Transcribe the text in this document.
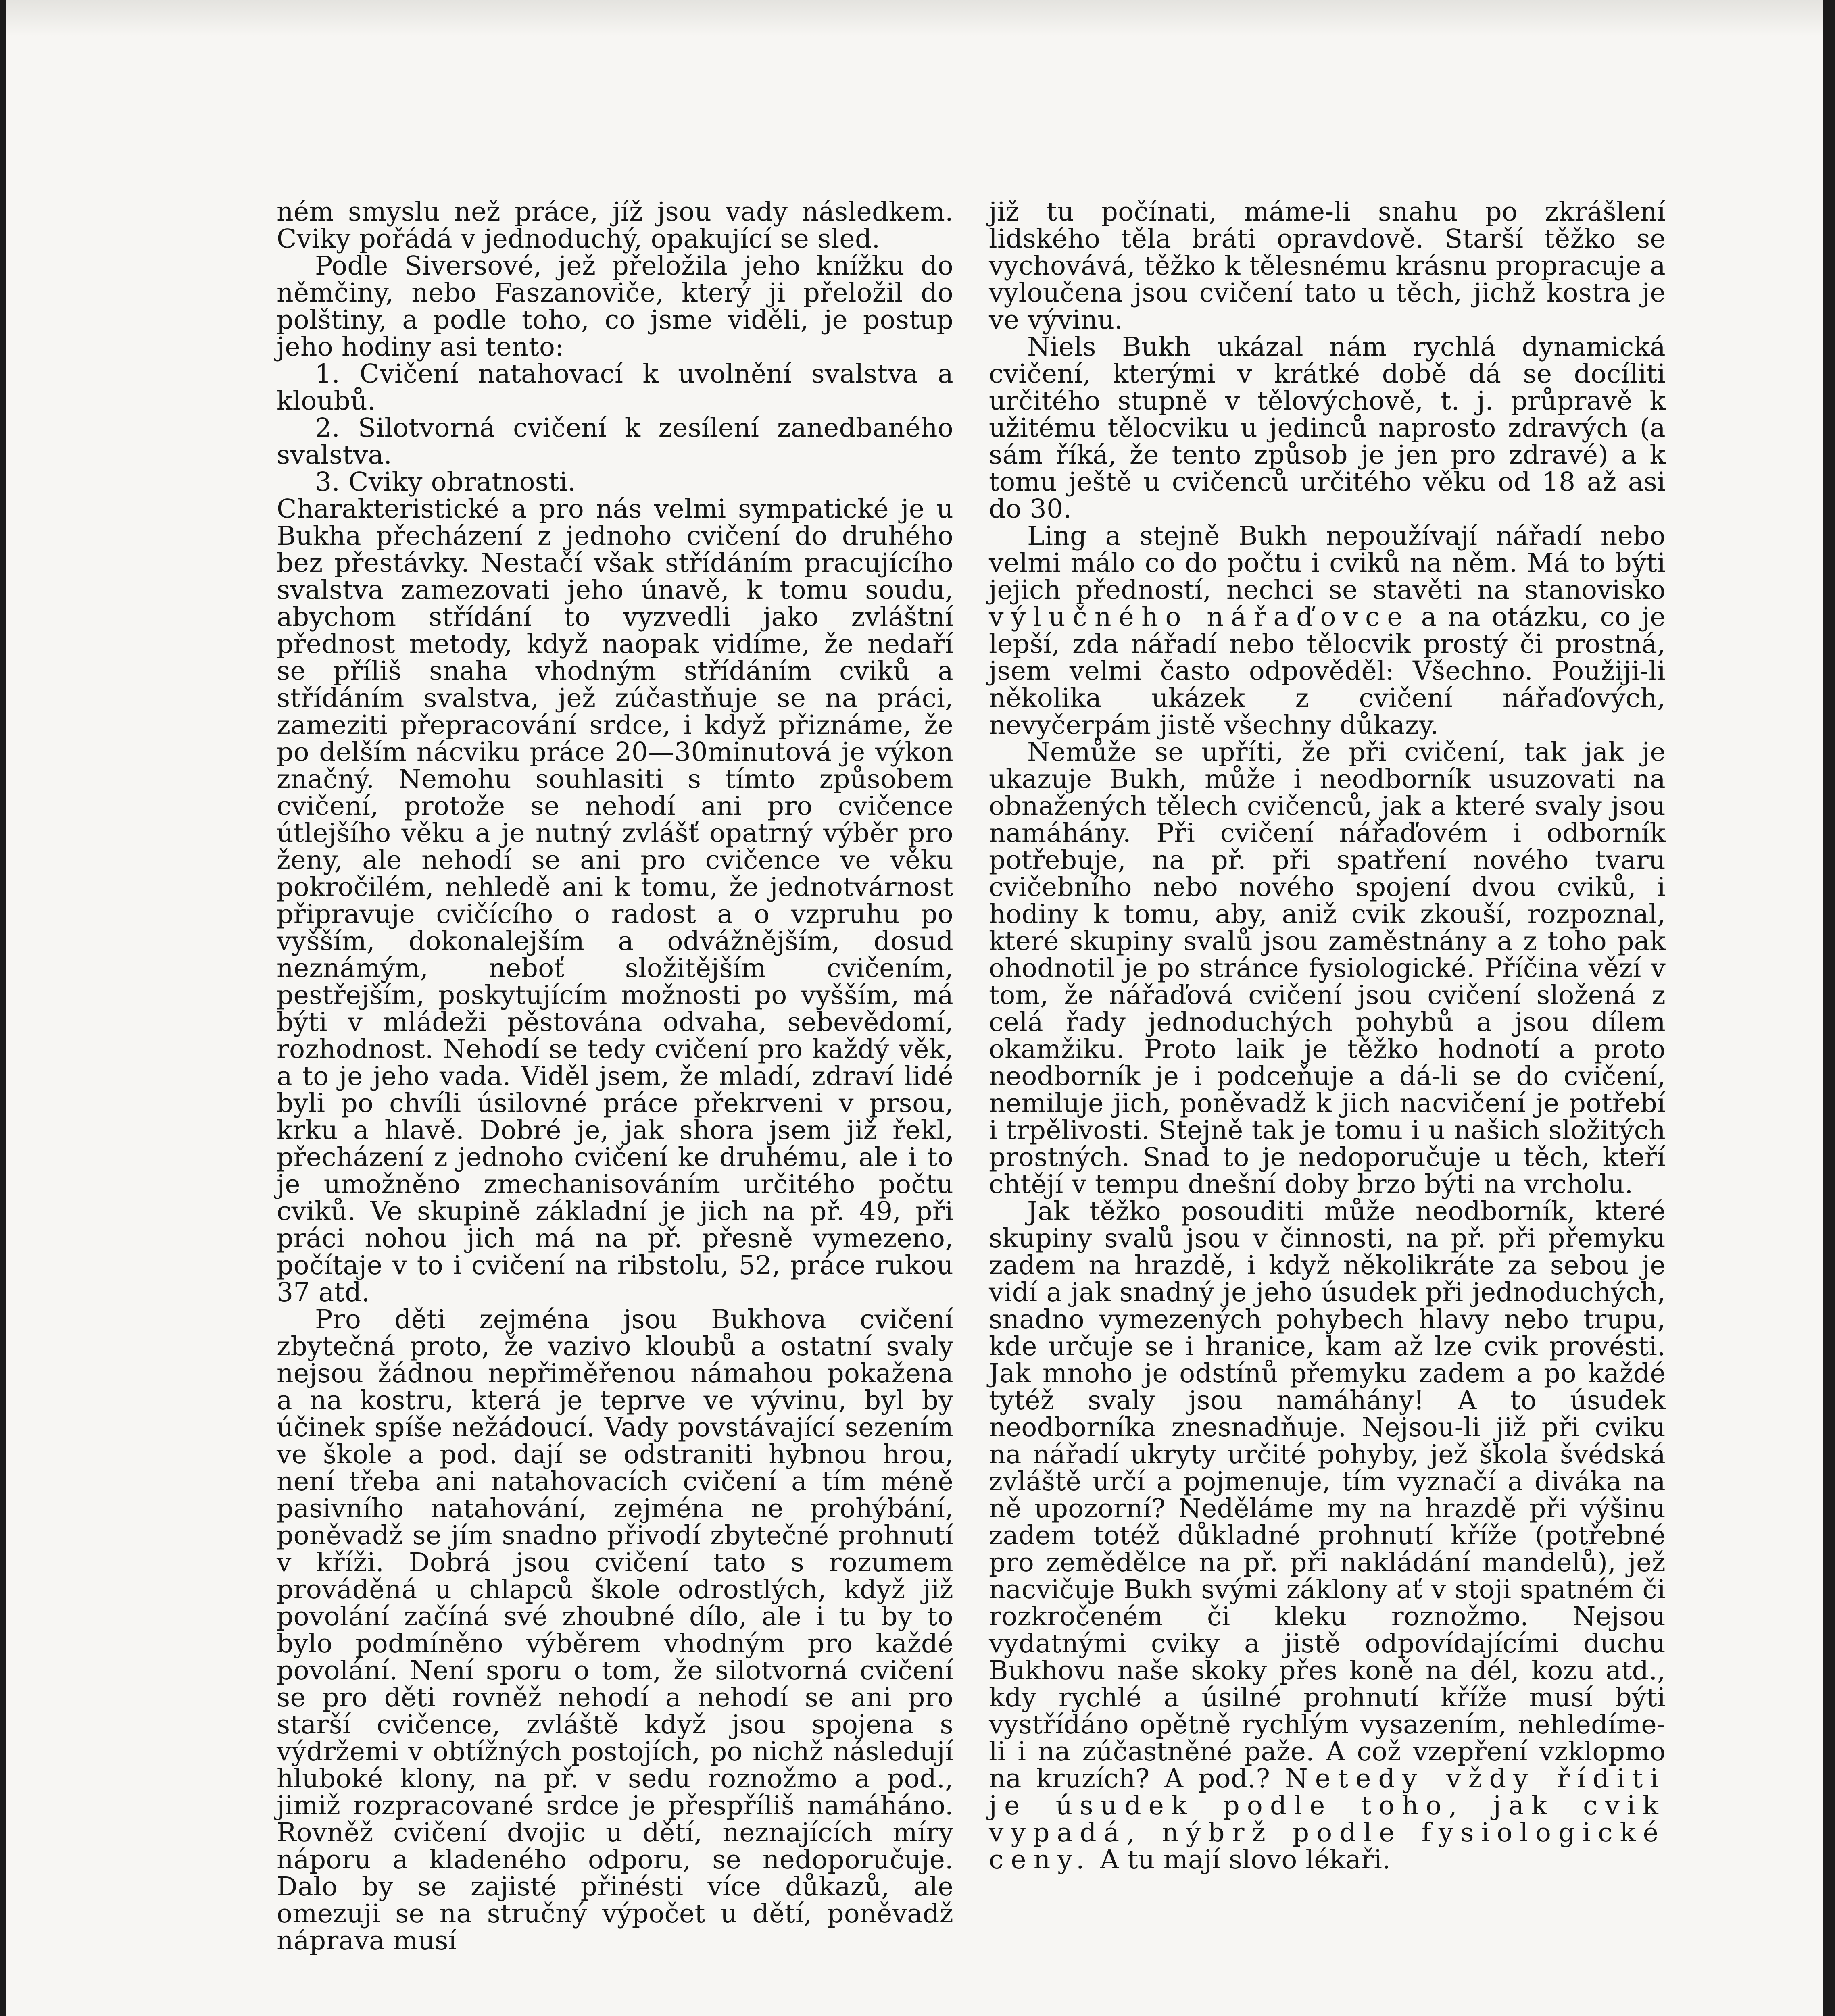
ném smyslu než práce, jíž jsou vady následkem. Cviky pořádá v jednoduchý, opakující se sled.

Podle Siversové, jež přeložila jeho knížku do němčiny, nebo Faszanoviče, který ji přeložil do polštiny, a podle toho, co jsme viděli, je postup jeho hodiny asi tento:

1. Cvičení natahovací k uvolnění svalstva a kloubů.

2. Silotvorná cvičení k zesílení zanedbaného svalstva.

3. Cviky obratnosti.

Charakteristické a pro nás velmi sympatické je u Bukha přecházení z jednoho cvičení do druhého bez přestávky. Nestačí však střídáním pracujícího svalstva zamezovati jeho únavě, k tomu soudu, abychom střídání to vyzvedli jako zvláštní přednost metody, když naopak vidíme, že nedaří se příliš snaha vhodným střídáním cviků a střídáním svalstva, jež zúčastňuje se na práci, zameziti přepracování srdce, i když přiznáme, že po delším nácviku práce 20—30minutová je výkon značný. Nemohu souhlasiti s tímto způsobem cvičení, protože se nehodí ani pro cvičence útlejšího věku a je nutný zvlášť opatrný výběr pro ženy, ale nehodí se ani pro cvičence ve věku pokročilém, nehledě ani k tomu, že jednotvárnost připravuje cvičícího o radost a o vzpruhu po vyšším, dokonalejším a odvážnějším, dosud neznámým, neboť složitějším cvičením, pestřejším, poskytujícím možnosti po vyšším, má býti v mládeži pěstována odvaha, sebevědomí, rozhodnost. Nehodí se tedy cvičení pro každý věk, a to je jeho vada. Viděl jsem, že mladí, zdraví lidé byli po chvíli úsilovné práce překrveni v prsou, krku a hlavě. Dobré je, jak shora jsem již řekl, přecházení z jednoho cvičení ke druhému, ale i to je umožněno zmechanisováním určitého počtu cviků. Ve skupině základní je jich na př. 49, při práci nohou jich má na př. přesně vymezeno, počítaje v to i cvičení na ribstolu, 52, práce rukou 37 atd.

Pro děti zejména jsou Bukhova cvičení zbytečná proto, že vazivo kloubů a ostatní svaly nejsou žádnou nepřiměřenou námahou pokažena a na kostru, která je teprve ve vývinu, byl by účinek spíše nežádoucí. Vady povstávající sezením ve škole a pod. dají se odstraniti hybnou hrou, není třeba ani natahovacích cvičení a tím méně pasivního natahování, zejména ne prohýbání, poněvadž se jím snadno přivodí zbytečné prohnutí v kříži. Dobrá jsou cvičení tato s rozumem prováděná u chlapců škole odrostlých, když již povolání začíná své zhoubné dílo, ale i tu by to bylo podmíněno výběrem vhodným pro každé povolání. Není sporu o tom, že silotvorná cvičení se pro děti rovněž nehodí a nehodí se ani pro starší cvičence, zvláště když jsou spojena s výdržemi v obtížných postojích, po nichž následují hluboké klony, na př. v sedu roznožmo a pod., jimiž rozpracované srdce je přespříliš namáháno. Rovněž cvičení dvojic u dětí, neznajících míry náporu a kladeného odporu, se nedoporučuje. Dalo by se zajisté přinésti více důkazů, ale omezuji se na stručný výpočet u dětí, poněvadž náprava musí

již tu počínati, máme-li snahu po zkrášlení lidského těla bráti opravdově. Starší těžko se vychovává, těžko k tělesnému krásnu propracuje a vyloučena jsou cvičení tato u těch, jichž kostra je ve vývinu.

Niels Bukh ukázal nám rychlá dynamická cvičení, kterými v krátké době dá se docíliti určitého stupně v tělovýchově, t. j. průpravě k užitému tělocviku u jedinců naprosto zdravých (a sám říká, že tento způsob je jen pro zdravé) a k tomu ještě u cvičenců určitého věku od 18 až asi do 30.

Ling a stejně Bukh nepoužívají nářadí nebo velmi málo co do počtu i cviků na něm. Má to býti jejich předností, nechci se stavěti na stanovisko výlučného nářaďovce a na otázku, co je lepší, zda nářadí nebo tělocvik prostý či prostná, jsem velmi často odpověděl: Všechno. Použiji-li několika ukázek z cvičení nářaďových, nevyčerpám jistě všechny důkazy.

Nemůže se upříti, že při cvičení, tak jak je ukazuje Bukh, může i neodborník usuzovati na obnažených tělech cvičenců, jak a které svaly jsou namáhány. Při cvičení nářaďovém i odborník potřebuje, na př. při spatření nového tvaru cvičebního nebo nového spojení dvou cviků, i hodiny k tomu, aby, aniž cvik zkouší, rozpoznal, které skupiny svalů jsou zaměstnány a z toho pak ohodnotil je po stránce fysiologické. Příčina vězí v tom, že nářaďová cvičení jsou cvičení složená z celá řady jednoduchých pohybů a jsou dílem okamžiku. Proto laik je těžko hodnotí a proto neodborník je i podceňuje a dá-li se do cvičení, nemiluje jich, poněvadž k jich nacvičení je potřebí i trpělivosti. Stejně tak je tomu i u našich složitých prostných. Snad to je nedoporučuje u těch, kteří chtějí v tempu dnešní doby brzo býti na vrcholu.

Jak těžko posouditi může neodborník, které skupiny svalů jsou v činnosti, na př. při přemyku zadem na hrazdě, i když několikráte za sebou je vidí a jak snadný je jeho úsudek při jednoduchých, snadno vymezených pohybech hlavy nebo trupu, kde určuje se i hranice, kam až lze cvik provésti. Jak mnoho je odstínů přemyku zadem a po každé tytéž svaly jsou namáhány! A to úsudek neodborníka znesnadňuje. Nejsou-li již při cviku na nářadí ukryty určité pohyby, jež škola švédská zvláště určí a pojmenuje, tím vyznačí a diváka na ně upozorní? Neděláme my na hrazdě při výšinu zadem totéž důkladné prohnutí kříže (potřebné pro zemědělce na př. při nakládání mandelů), jež nacvičuje Bukh svými záklony ať v stoji spatném či rozkročeném či kleku roznožmo. Nejsou vydatnými cviky a jistě odpovídajícími duchu Bukhovu naše skoky přes koně na dél, kozu atd., kdy rychlé a úsilné prohnutí kříže musí býti vystřídáno opětně rychlým vysazením, nehledíme-li i na zúčastněné paže. A což vzepření vzklopmo na kruzích? A pod.? Netedy vždy říditi je úsudek podle toho, jak cvik vypadá, nýbrž podle fysiologické ceny. A tu mají slovo lékaři.
